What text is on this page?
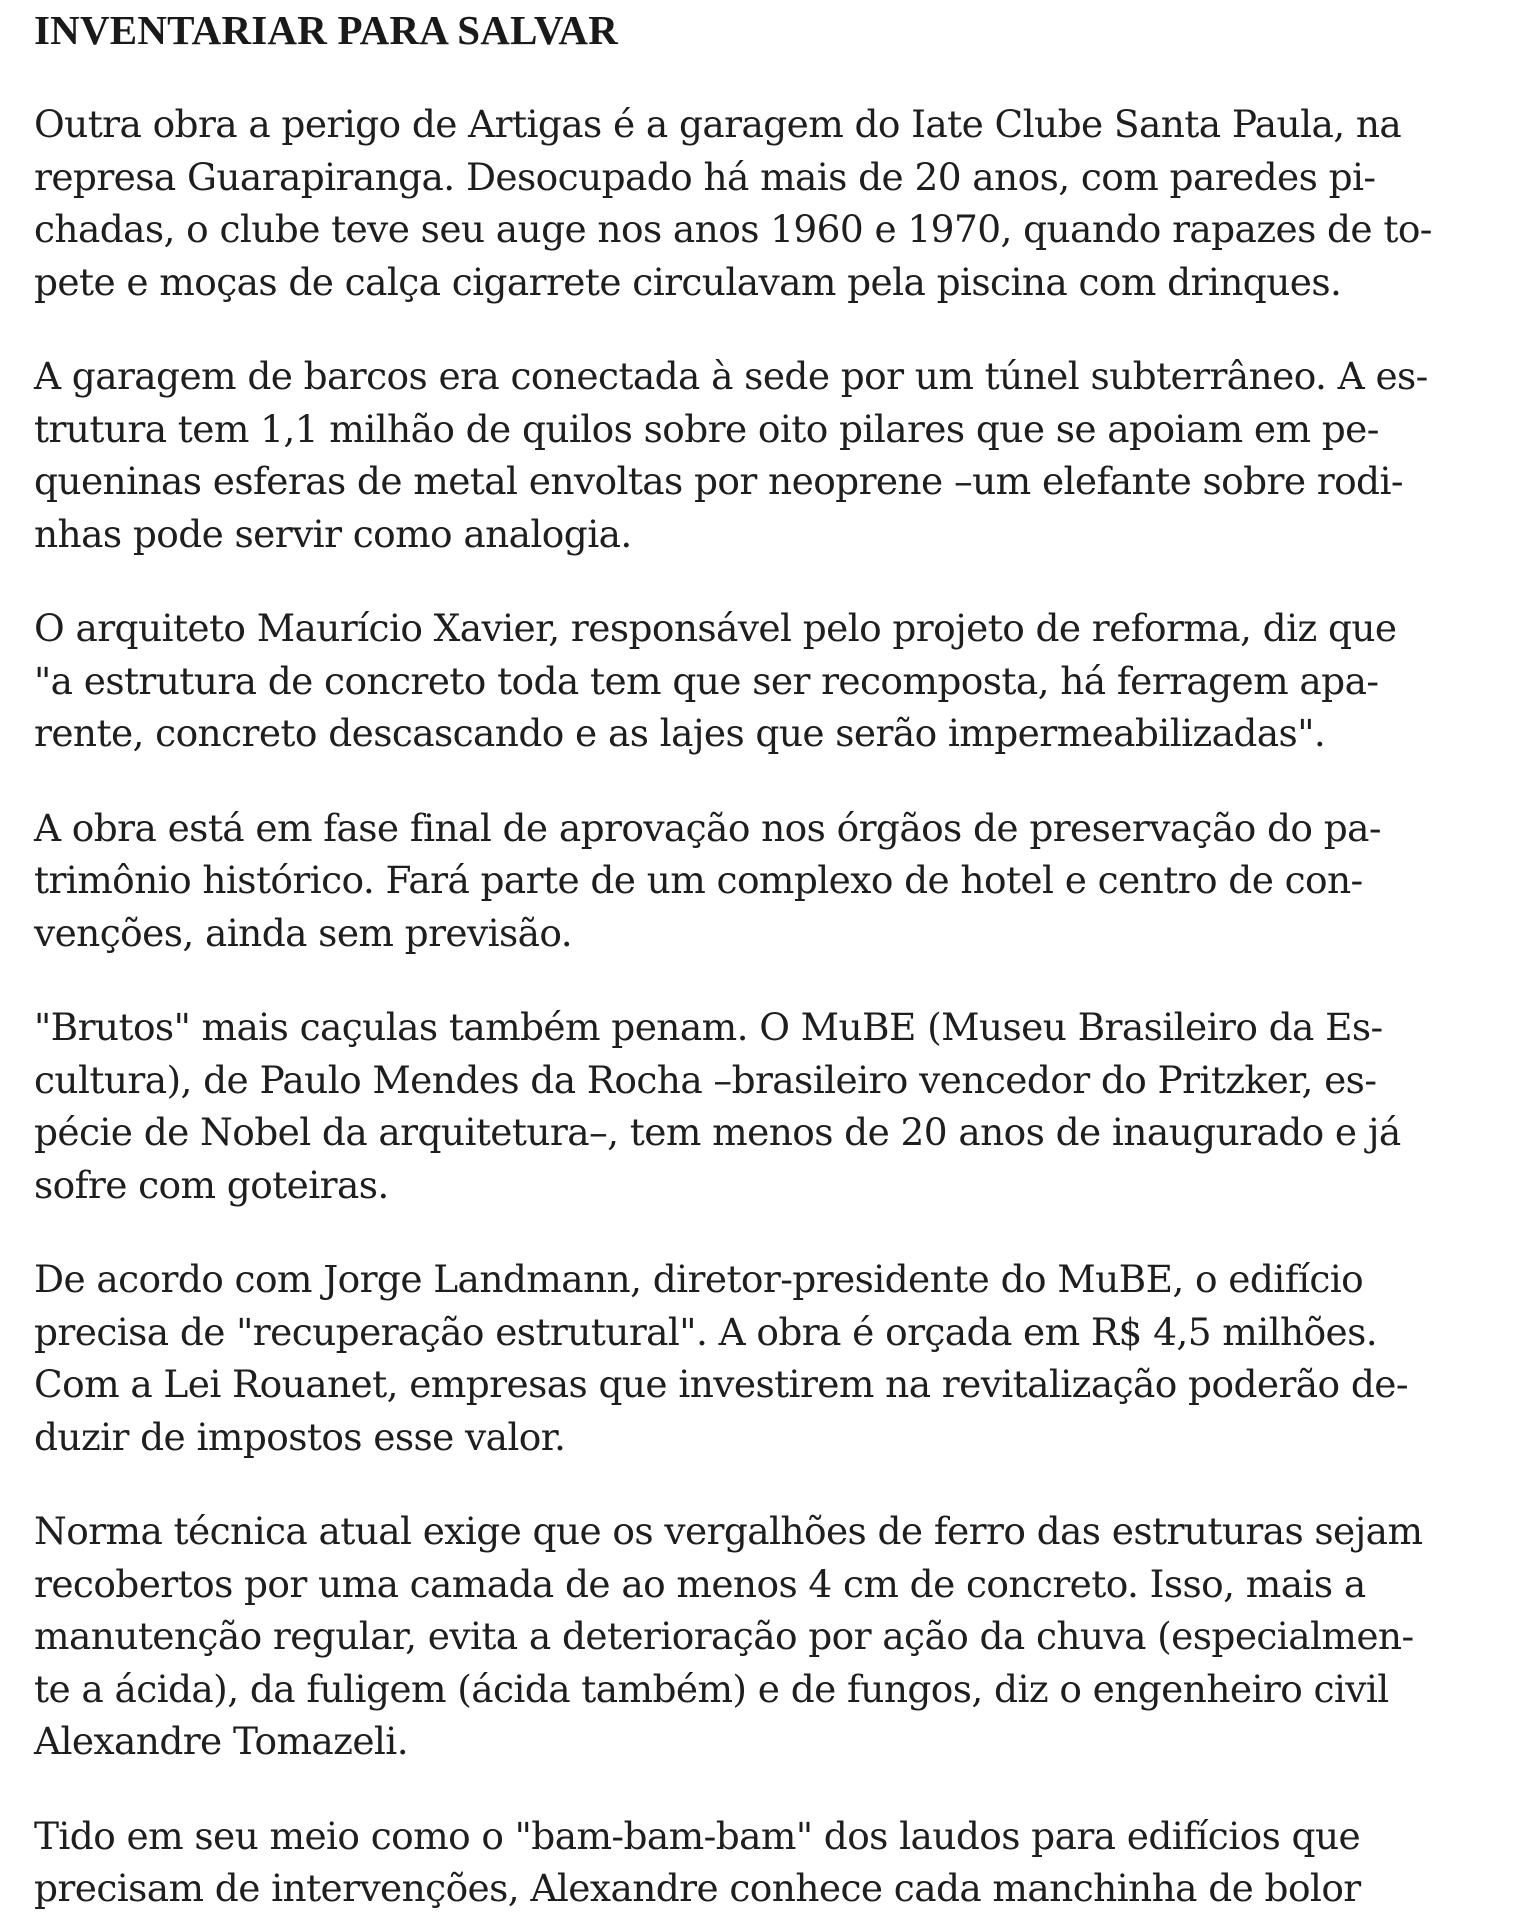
INVENTARIAR PARA SALVAR

Outra obra a perigo de Artigas é a garagem do Iate Clube Santa Paula, na
represa Guarapiranga. Desocupado há mais de 20 anos, com paredes pi-
chadas, o clube teve seu auge nos anos 1960 e 1970, quando rapazes de to-
pete e moças de calça cigarrete circulavam pela piscina com drinques.

A garagem de barcos era conectada à sede por um túnel subterrâneo. A es-
trutura tem 1,1 milhão de quilos sobre oito pilares que se apoiam em pe-
queninas esferas de metal envoltas por neoprene –um elefante sobre rodi-
nhas pode servir como analogia.

O arquiteto Maurício Xavier, responsável pelo projeto de reforma, diz que
"a estrutura de concreto toda tem que ser recomposta, há ferragem apa-
rente, concreto descascando e as lajes que serão impermeabilizadas".

A obra está em fase final de aprovação nos órgãos de preservação do pa-
trimônio histórico. Fará parte de um complexo de hotel e centro de con-
venções, ainda sem previsão.

"Brutos" mais caçulas também penam. O MuBE (Museu Brasileiro da Es-
cultura), de Paulo Mendes da Rocha –brasileiro vencedor do Pritzker, es-
pécie de Nobel da arquitetura–, tem menos de 20 anos de inaugurado e já
sofre com goteiras.

De acordo com Jorge Landmann, diretor-presidente do MuBE, o edifício
precisa de "recuperação estrutural". A obra é orçada em R$ 4,5 milhões.
Com a Lei Rouanet, empresas que investirem na revitalização poderão de-
duzir de impostos esse valor.

Norma técnica atual exige que os vergalhões de ferro das estruturas sejam
recobertos por uma camada de ao menos 4 cm de concreto. Isso, mais a
manutenção regular, evita a deterioração por ação da chuva (especialmen-
te a ácida), da fuligem (ácida também) e de fungos, diz o engenheiro civil
Alexandre Tomazeli.

Tido em seu meio como o "bam-bam-bam" dos laudos para edifícios que
precisam de intervenções, Alexandre conhece cada manchinha de bolor
